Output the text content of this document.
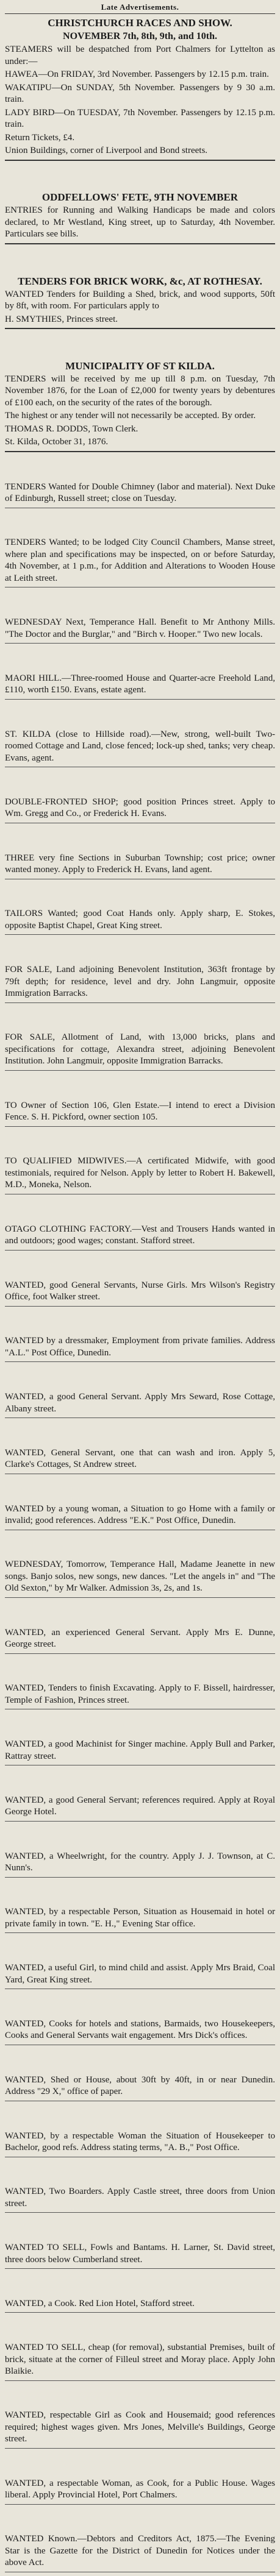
Late Advertisements.
CHRISTCHURCH RACES AND SHOW.
NOVEMBER 7th, 8th, 9th, and 10th.
STEAMERS will be despatched from Port Chalmers for Lyttelton as under:—
HAWEA—On FRIDAY, 3rd November. Passengers by 12.15 p.m. train.
WAKATIPU—On SUNDAY, 5th November. Passengers by 9 30 a.m. train.
LADY BIRD—On TUESDAY, 7th November. Passengers by 12.15 p.m. train.
Return Tickets, £4.
Union Buildings, corner of Liverpool and Bond streets.
ODDFELLOWS' FETE, 9TH NOVEMBER
ENTRIES for Running and Walking Handicaps be made and colors declared, to Mr Westland, King street, up to Saturday, 4th November. Particulars see bills.
TENDERS FOR BRICK WORK, &c, AT ROTHESAY.
WANTED Tenders for Building a Shed, brick, and wood supports, 50ft by 8ft, with room. For particulars apply to
H. SMYTHIES, Princes street.
MUNICIPALITY OF ST KILDA.
TENDERS will be received by me up till 8 p.m. on Tuesday, 7th November 1876, for the Loan of £2,000 for twenty years by debentures of £100 each, on the security of the rates of the borough.
The highest or any tender will not necessarily be accepted. By order.
THOMAS R. DODDS, Town Clerk.
St. Kilda, October 31, 1876.
TENDERS Wanted for Double Chimney (labor and material). Next Duke of Edinburgh, Russell street; close on Tuesday.
TENDERS Wanted; to be lodged City Council Chambers, Manse street, where plan and specifications may be inspected, on or before Saturday, 4th November, at 1 p.m., for Addition and Alterations to Wooden House at Leith street.
WEDNESDAY Next, Temperance Hall. Benefit to Mr Anthony Mills. "The Doctor and the Burglar," and "Birch v. Hooper." Two new locals.
MAORI HILL.—Three-roomed House and Quarter-acre Freehold Land, £110, worth £150. Evans, estate agent.
ST. KILDA (close to Hillside road).—New, strong, well-built Two-roomed Cottage and Land, close fenced; lock-up shed, tanks; very cheap. Evans, agent.
DOUBLE-FRONTED SHOP; good position Princes street. Apply to Wm. Gregg and Co., or Frederick H. Evans.
THREE very fine Sections in Suburban Township; cost price; owner wanted money. Apply to Frederick H. Evans, land agent.
TAILORS Wanted; good Coat Hands only. Apply sharp, E. Stokes, opposite Baptist Chapel, Great King street.
FOR SALE, Land adjoining Benevolent Institution, 363ft frontage by 79ft depth; for residence, level and dry. John Langmuir, opposite Immigration Barracks.
FOR SALE, Allotment of Land, with 13,000 bricks, plans and specifications for cottage, Alexandra street, adjoining Benevolent Institution. John Langmuir, opposite Immigration Barracks.
TO Owner of Section 106, Glen Estate.—I intend to erect a Division Fence. S. H. Pickford, owner section 105.
TO QUALIFIED MIDWIVES.—A certificated Midwife, with good testimonials, required for Nelson. Apply by letter to Robert H. Bakewell, M.D., Moneka, Nelson.
OTAGO CLOTHING FACTORY.—Vest and Trousers Hands wanted in and outdoors; good wages; constant. Stafford street.
WANTED, good General Servants, Nurse Girls. Mrs Wilson's Registry Office, foot Walker street.
WANTED by a dressmaker, Employment from private families. Address "A.L." Post Office, Dunedin.
WANTED, a good General Servant. Apply Mrs Seward, Rose Cottage, Albany street.
WANTED, General Servant, one that can wash and iron. Apply 5, Clarke's Cottages, St Andrew street.
WANTED by a young woman, a Situation to go Home with a family or invalid; good references. Address "E.K." Post Office, Dunedin.
WEDNESDAY, Tomorrow, Temperance Hall, Madame Jeanette in new songs. Banjo solos, new songs, new dances. "Let the angels in" and "The Old Sexton," by Mr Walker. Admission 3s, 2s, and 1s.
WANTED, an experienced General Servant. Apply Mrs E. Dunne, George street.
WANTED, Tenders to finish Excavating. Apply to F. Bissell, hairdresser, Temple of Fashion, Princes street.
WANTED, a good Machinist for Singer machine. Apply Bull and Parker, Rattray street.
WANTED, a good General Servant; references required. Apply at Royal George Hotel.
WANTED, a Wheelwright, for the country. Apply J. J. Townson, at C. Nunn's.
WANTED, by a respectable Person, Situation as Housemaid in hotel or private family in town. "E. H.," Evening Star office.
WANTED, a useful Girl, to mind child and assist. Apply Mrs Braid, Coal Yard, Great King street.
WANTED, Cooks for hotels and stations, Barmaids, two Housekeepers, Cooks and General Servants wait engagement. Mrs Dick's offices.
WANTED, Shed or House, about 30ft by 40ft, in or near Dunedin. Address "29 X," office of paper.
WANTED, by a respectable Woman the Situation of Housekeeper to Bachelor, good refs. Address stating terms, "A. B.," Post Office.
WANTED, Two Boarders. Apply Castle street, three doors from Union street.
WANTED TO SELL, Fowls and Bantams. H. Larner, St. David street, three doors below Cumberland street.
WANTED, a Cook. Red Lion Hotel, Stafford street.
WANTED TO SELL, cheap (for removal), substantial Premises, built of brick, situate at the corner of Filleul street and Moray place. Apply John Blaikie.
WANTED, respectable Girl as Cook and Housemaid; good references required; highest wages given. Mrs Jones, Melville's Buildings, George street.
WANTED, a respectable Woman, as Cook, for a Public House. Wages liberal. Apply Provincial Hotel, Port Chalmers.
WANTED Known.—Debtors and Creditors Act, 1875.—The Evening Star is the Gazette for the District of Dunedin for Notices under the above Act.
